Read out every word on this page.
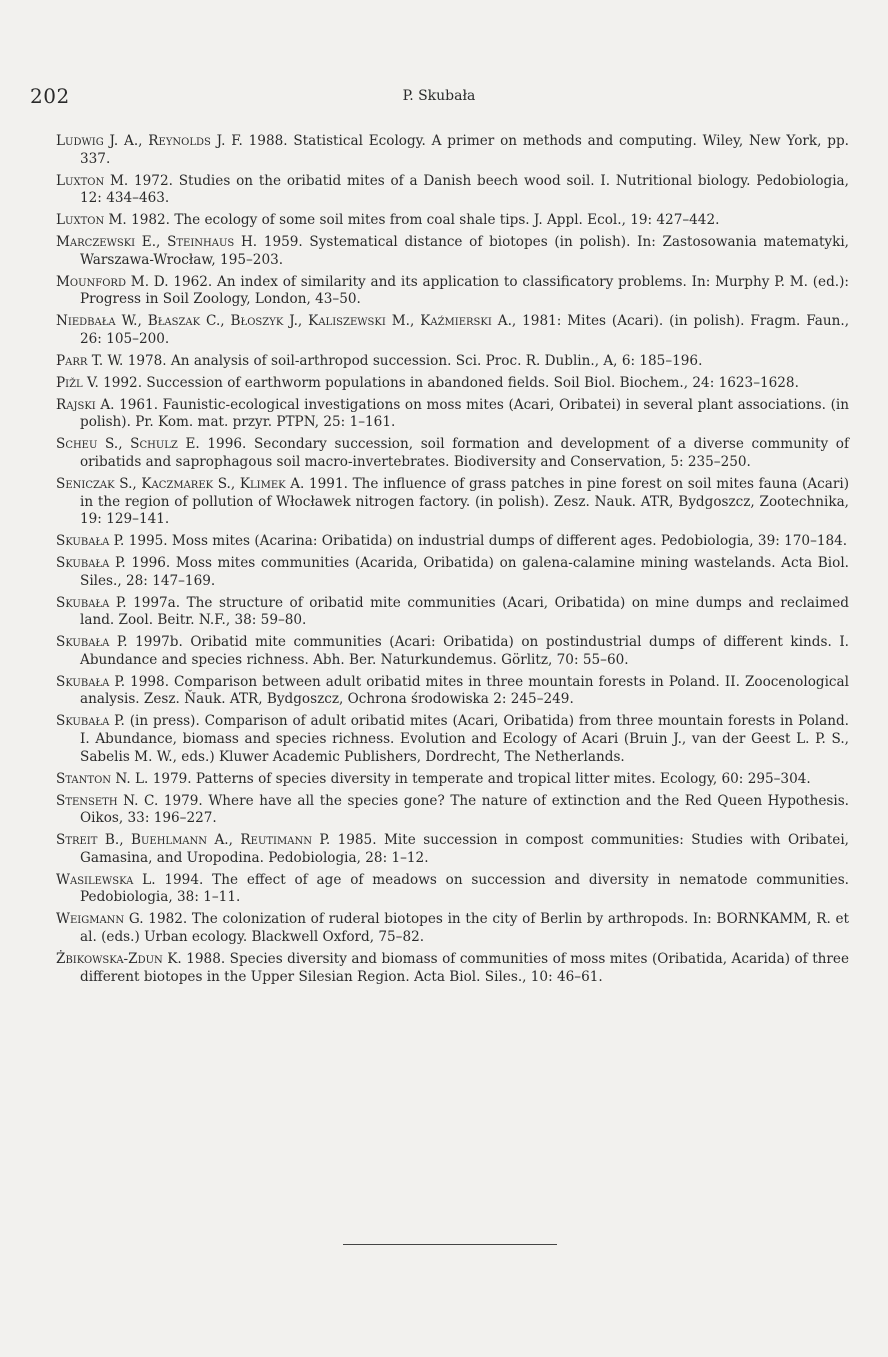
202	P. Skubała

Ludwig J. A., Reynolds J. F. 1988. Statistical Ecology. A primer on methods and computing. Wiley, New York, pp. 337.

Luxton M. 1972. Studies on the oribatid mites of a Danish beech wood soil. I. Nutritional biology. Pedobiologia, 12: 434–463.

Luxton M. 1982. The ecology of some soil mites from coal shale tips. J. Appl. Ecol., 19: 427–442.

Marczewski E., Steinhaus H. 1959. Systematical distance of biotopes (in polish). In: Zastosowania matematyki, Warszawa-Wrocław, 195–203.

Mounford M. D. 1962. An index of similarity and its application to classificatory problems. In: Murphy P. M. (ed.): Progress in Soil Zoology, London, 43–50.

Niedbała W., Błaszak C., Błoszyk J., Kaliszewski M., Kaźmierski A., 1981: Mites (Acari). (in polish). Fragm. Faun., 26: 105–200.

Parr T. W. 1978. An analysis of soil-arthropod succession. Sci. Proc. R. Dublin., A, 6: 185–196.

Pižl V. 1992. Succession of earthworm populations in abandoned fields. Soil Biol. Biochem., 24: 1623–1628.

Rajski A. 1961. Faunistic-ecological investigations on moss mites (Acari, Oribatei) in several plant associations. (in polish). Pr. Kom. mat. przyr. PTPN, 25: 1–161.

Scheu S., Schulz E. 1996. Secondary succession, soil formation and development of a diverse community of oribatids and saprophagous soil macro-invertebrates. Biodiversity and Conservation, 5: 235–250.

Seniczak S., Kaczmarek S., Klimek A. 1991. The influence of grass patches in pine forest on soil mites fauna (Acari) in the region of pollution of Włocławek nitrogen factory. (in polish). Zesz. Nauk. ATR, Bydgoszcz, Zootechnika, 19: 129–141.

Skubała P. 1995. Moss mites (Acarina: Oribatida) on industrial dumps of different ages. Pedobiologia, 39: 170–184.

Skubała P. 1996. Moss mites communities (Acarida, Oribatida) on galena-calamine mining wastelands. Acta Biol. Siles., 28: 147–169.

Skubała P. 1997a. The structure of oribatid mite communities (Acari, Oribatida) on mine dumps and reclaimed land. Zool. Beitr. N.F., 38: 59–80.

Skubała P. 1997b. Oribatid mite communities (Acari: Oribatida) on postindustrial dumps of different kinds. I. Abundance and species richness. Abh. Ber. Naturkundemus. Görlitz, 70: 55–60.

Skubała P. 1998. Comparison between adult oribatid mites in three mountain forests in Poland. II. Zoocenological analysis. Zesz. Ňauk. ATR, Bydgoszcz, Ochrona środowiska 2: 245–249.

Skubała P. (in press). Comparison of adult oribatid mites (Acari, Oribatida) from three mountain forests in Poland. I. Abundance, biomass and species richness. Evolution and Ecology of Acari (Bruin J., van der Geest L. P. S., Sabelis M. W., eds.) Kluwer Academic Publishers, Dordrecht, The Netherlands.

Stanton N. L. 1979. Patterns of species diversity in temperate and tropical litter mites. Ecology, 60: 295–304.

Stenseth N. C. 1979. Where have all the species gone? The nature of extinction and the Red Queen Hypothesis. Oikos, 33: 196–227.

Streit B., Buehlmann A., Reutimann P. 1985. Mite succession in compost communities: Studies with Oribatei, Gamasina, and Uropodina. Pedobiologia, 28: 1–12.

Wasilewska L. 1994. The effect of age of meadows on succession and diversity in nematode communities. Pedobiologia, 38: 1–11.

Weigmann G. 1982. The colonization of ruderal biotopes in the city of Berlin by arthropods. In: BORNKAMM, R. et al. (eds.) Urban ecology. Blackwell Oxford, 75–82.

Żbikowska-Zdun K. 1988. Species diversity and biomass of communities of moss mites (Oribatida, Acarida) of three different biotopes in the Upper Silesian Region. Acta Biol. Siles., 10: 46–61.
